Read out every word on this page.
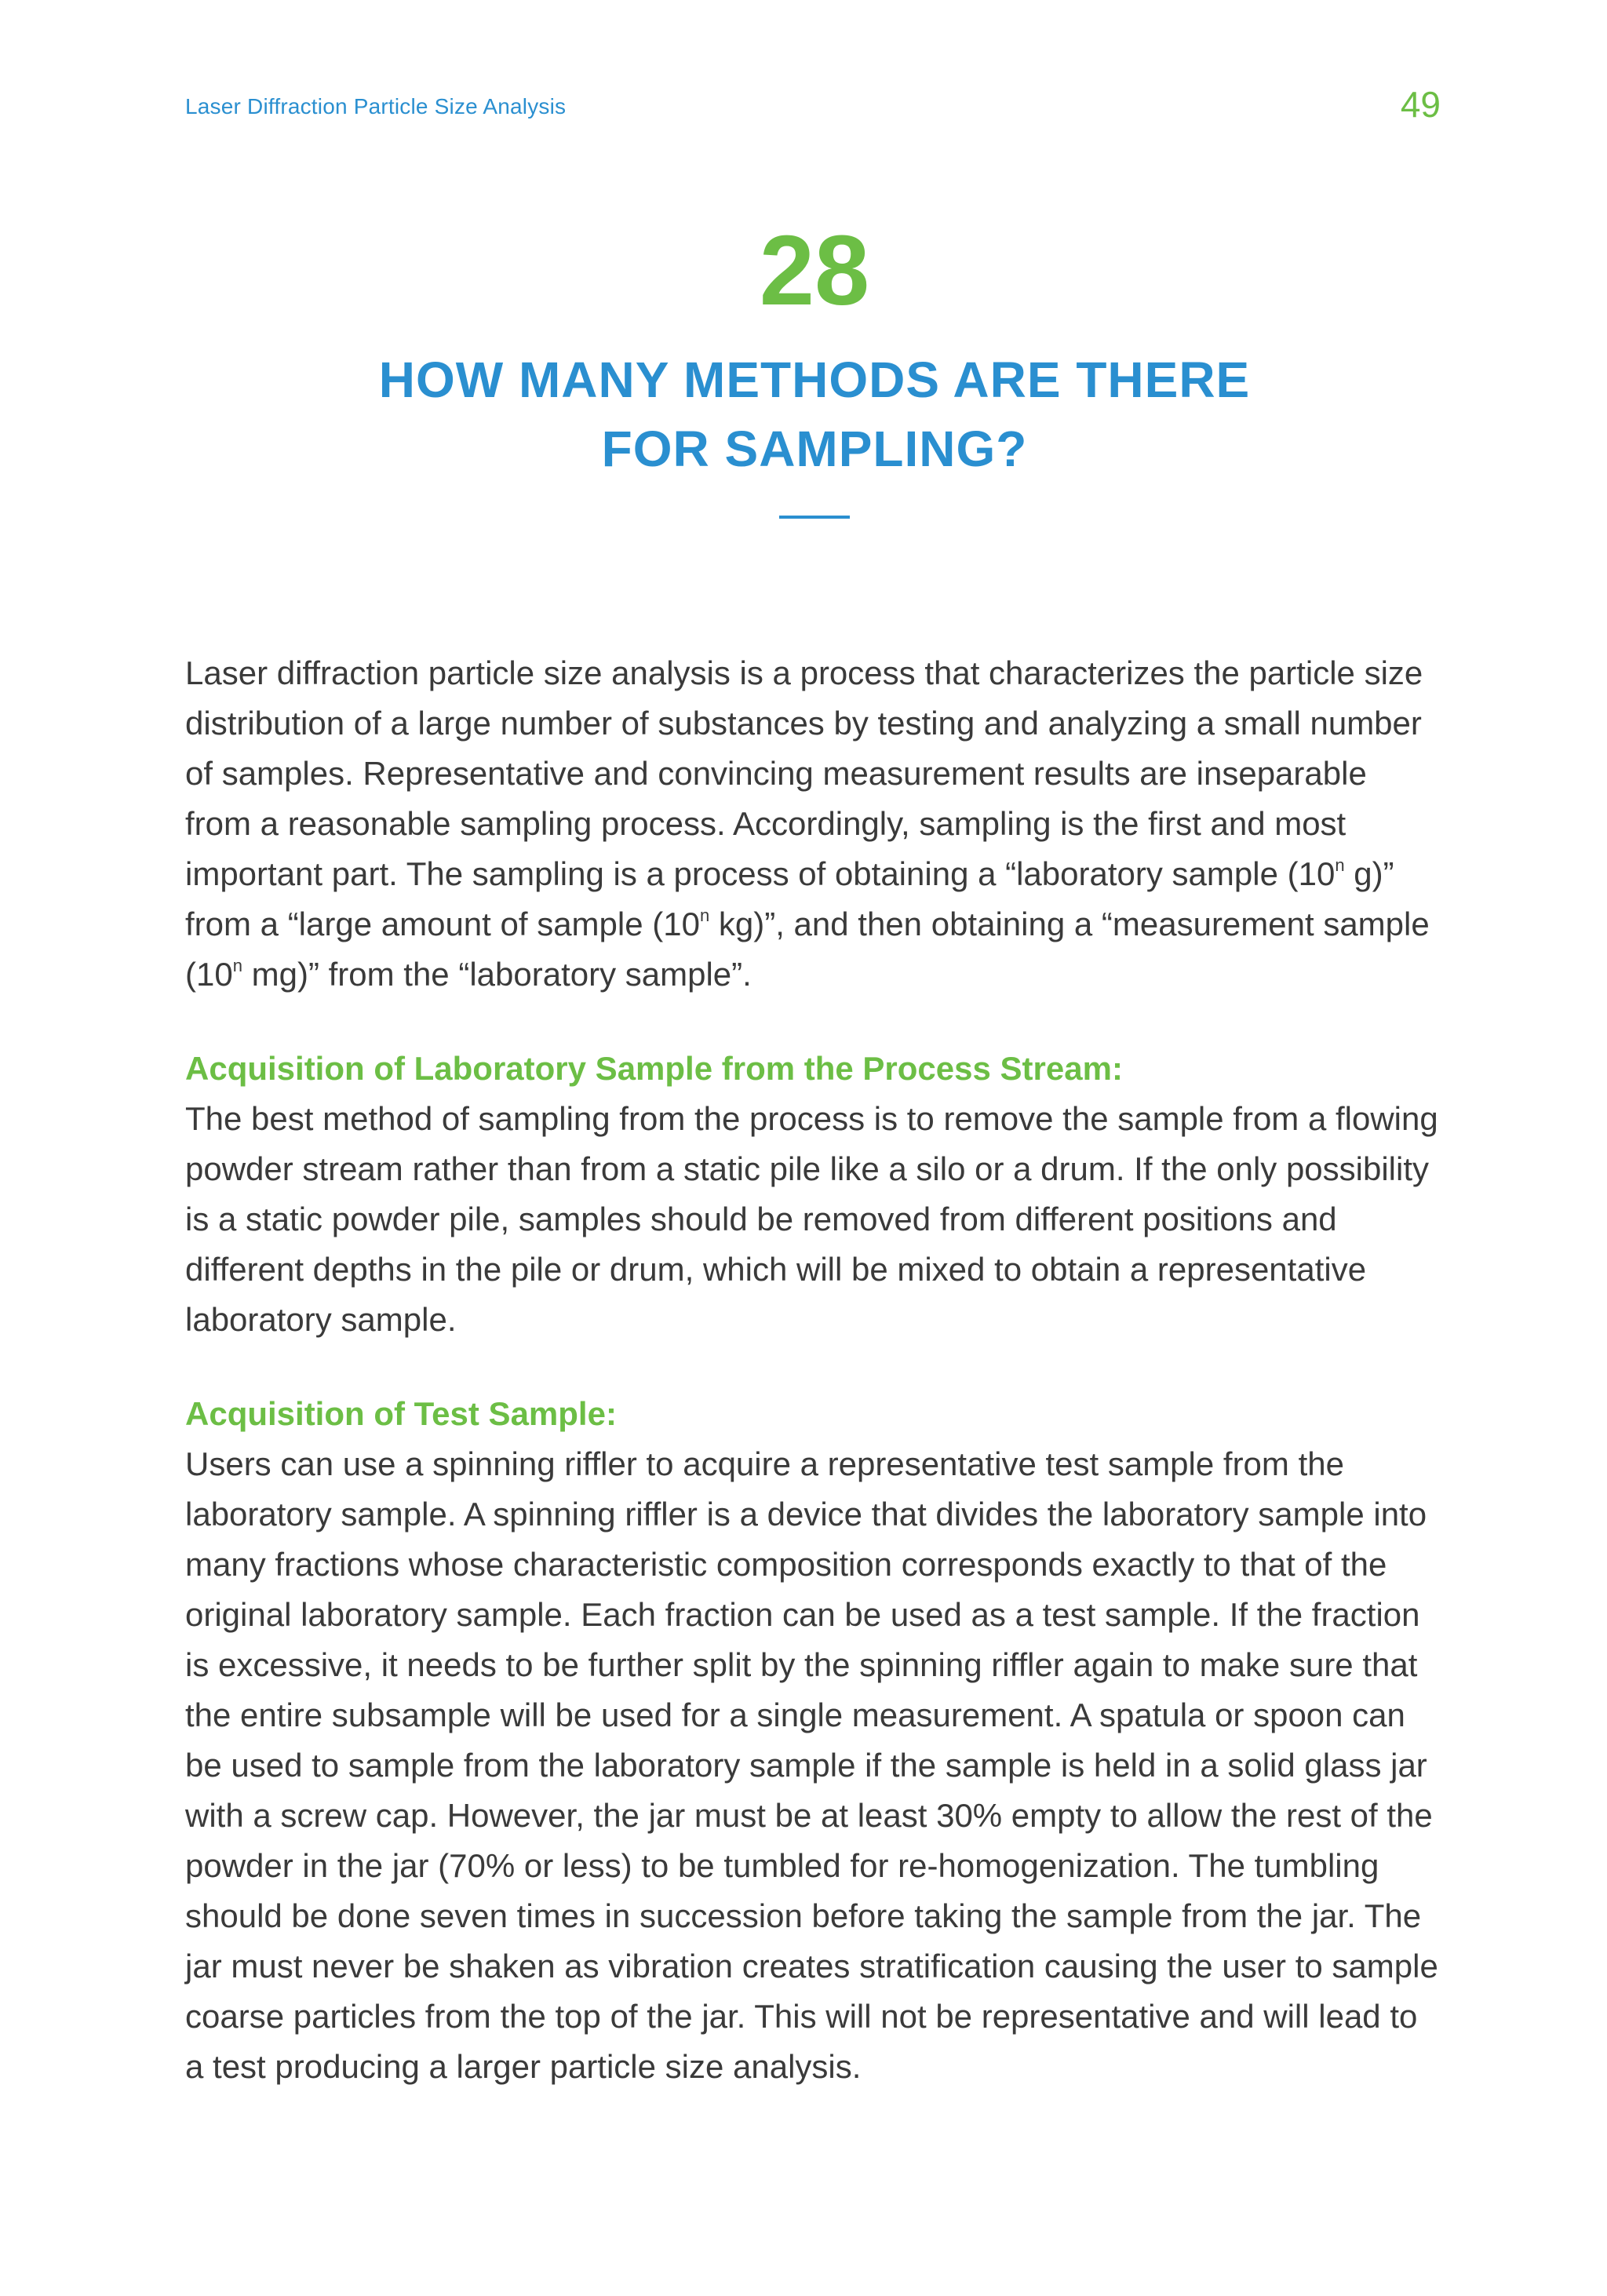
Laser Diffraction Particle Size Analysis	49
28
HOW MANY METHODS ARE THERE
FOR SAMPLING?

Laser diffraction particle size analysis is a process that characterizes the particle size distribution of a large number of substances by testing and analyzing a small number of samples. Representative and convincing measurement results are inseparable from a reasonable sampling process. Accordingly, sampling is the first and most important part. The sampling is a process of obtaining a “laboratory sample (10$^n$ g)” from a “large amount of sample (10$^n$ kg)”, and then obtaining a “measurement sample (10$^n$ mg)” from the “laboratory sample”.

Acquisition of Laboratory Sample from the Process Stream:

The best method of sampling from the process is to remove the sample from a flowing powder stream rather than from a static pile like a silo or a drum. If the only possibility is a static powder pile, samples should be removed from different positions and different depths in the pile or drum, which will be mixed to obtain a representative laboratory sample.

Acquisition of Test Sample:

Users can use a spinning riffler to acquire a representative test sample from the laboratory sample. A spinning riffler is a device that divides the laboratory sample into many fractions whose characteristic composition corresponds exactly to that of the original laboratory sample. Each fraction can be used as a test sample. If the fraction is excessive, it needs to be further split by the spinning riffler again to make sure that the entire subsample will be used for a single measurement. A spatula or spoon can be used to sample from the laboratory sample if the sample is held in a solid glass jar with a screw cap. However, the jar must be at least 30% empty to allow the rest of the powder in the jar (70% or less) to be tumbled for re-homogenization. The tumbling should be done seven times in succession before taking the sample from the jar. The jar must never be shaken as vibration creates stratification causing the user to sample coarse particles from the top of the jar. This will not be representative and will lead to a test producing a larger particle size analysis.
